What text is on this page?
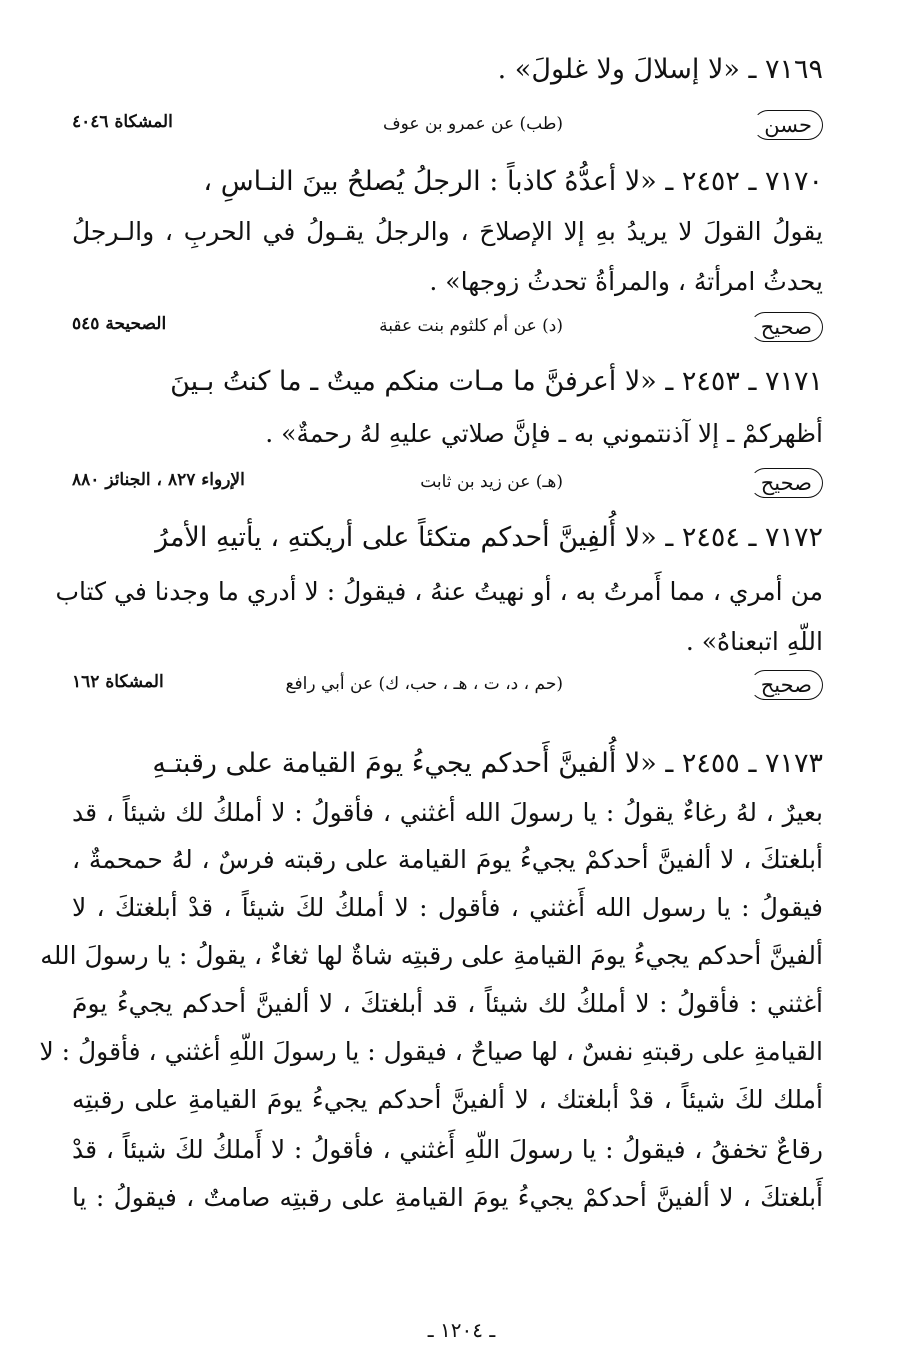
٧١٦٩ ـ «لا إسلالَ ولا غلولَ» .
حسن
(طب) عن عمرو بن عوف
المشكاة ٤٠٤٦
٧١٧٠ ـ ٢٤٥٢ ـ «لا أعدُّهُ كاذباً : الرجلُ يُصلحُ بينَ النـاسِ ،
يقولُ القولَ لا يريدُ بهِ إلا الإصلاحَ ، والرجلُ يقـولُ في الحربِ ، والـرجلُ
يحدثُ امرأتهُ ، والمرأةُ تحدثُ زوجها» .
صحيح
(د) عن أم كلثوم بنت عقبة
الصحيحة ٥٤٥
٧١٧١ ـ ٢٤٥٣ ـ «لا أعرفنَّ ما مـات منكم ميتٌ ـ ما كنتُ بـينَ
أظهركمْ ـ إلا آذنتموني به ـ فإنَّ صلاتي عليهِ لهُ رحمةٌ» .
صحيح
(هـ) عن زيد بن ثابت
الإرواء ٨٢٧ ، الجنائز ٨٨٠
٧١٧٢ ـ ٢٤٥٤ ـ «لا أُلفِينَّ أحدكم متكئاً على أريكتهِ ، يأتيهِ الأمرُ
من أمري ، مما أَمرتُ به ، أو نهيتُ عنهُ ، فيقولُ : لا أدري ما وجدنا في كتاب
اللّهِ اتبعناهُ» .
صحيح
(حم ، د، ت ، هـ ، حب، ك) عن أبي رافع
المشكاة ١٦٢
٧١٧٣ ـ ٢٤٥٥ ـ «لا أُلفينَّ أَحدكم يجيءُ يومَ القيامة على رقبتـهِ
بعيرٌ ، لهُ رغاءٌ يقولُ : يا رسولَ الله أغثني ، فأقولُ : لا أملكُ لك شيئاً ، قد
أبلغتكَ ، لا ألفينَّ أحدكمْ يجيءُ يومَ القيامة على رقبته فرسٌ ، لهُ حمحمةٌ ،
فيقولُ : يا رسول الله أَغثني ، فأقول : لا أملكُ لكَ شيئاً ، قدْ أبلغتكَ ، لا
ألفينَّ أحدكم يجيءُ يومَ القيامةِ على رقبتِه شاةٌ لها ثغاءٌ ، يقولُ : يا رسولَ الله
أغثني : فأقولُ : لا أملكُ لك شيئاً ، قد أبلغتكَ ، لا ألفينَّ أحدكم يجيءُ يومَ
القيامةِ على رقبتهِ نفسٌ ، لها صياحٌ ، فيقول : يا رسولَ اللّهِ أغثني ، فأقولُ : لا
أملك لكَ شيئاً ، قدْ أبلغتك ، لا ألفينَّ أحدكم يجيءُ يومَ القيامةِ على رقبتِه
رقاعٌ تخفقُ ، فيقولُ : يا رسولَ اللّهِ أَغثني ، فأقولُ : لا أَملكُ لكَ شيئاً ، قدْ
أَبلغتكَ ، لا ألفينَّ أحدكمْ يجيءُ يومَ القيامةِ على رقبتِه صامتٌ ، فيقولُ : يا
ـ ١٢٠٤ ـ
